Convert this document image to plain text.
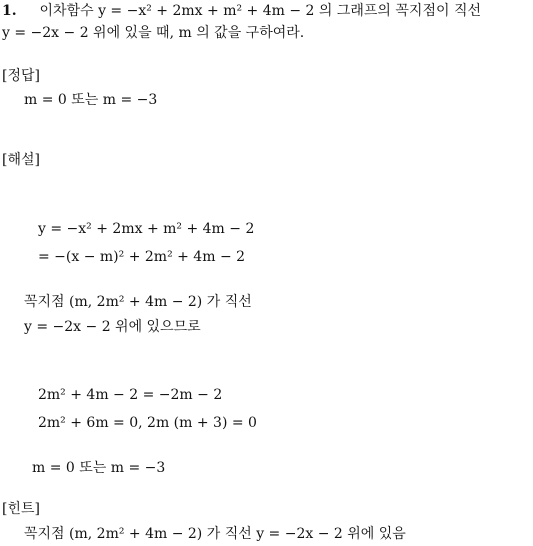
1. 이차함수 y = −x² + 2mx + m² + 4m − 2 의 그래프의 꼭지점이 직선
y = −2x − 2 위에 있을 때, m 의 값을 구하여라.
[정답]
m = 0 또는 m = −3
[해설]
y = −x² + 2mx + m² + 4m − 2
= −(x − m)² + 2m² + 4m − 2
꼭지점 (m, 2m² + 4m − 2) 가 직선
y = −2x − 2 위에 있으므로
2m² + 4m − 2 = −2m − 2
2m² + 6m = 0, 2m (m + 3) = 0
m = 0 또는 m = −3
[힌트]
꼭지점 (m, 2m² + 4m − 2) 가 직선 y = −2x − 2 위에 있음
